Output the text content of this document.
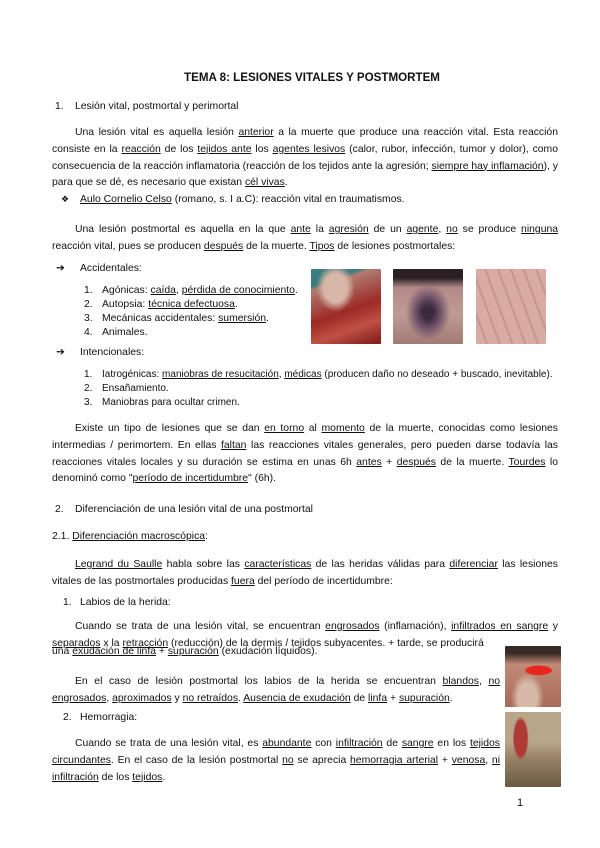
TEMA 8: LESIONES VITALES Y POSTMORTEM
1. Lesión vital, postmortal y perimortal
Una lesión vital es aquella lesión anterior a la muerte que produce una reacción vital. Esta reacción consiste en la reacción de los tejidos ante los agentes lesivos (calor, rubor, infección, tumor y dolor), como consecuencia de la reacción inflamatoria (reacción de los tejidos ante la agresión; siempre hay inflamación), y para que se dé, es necesario que existan cél vivas.
❖ Aulo Cornelio Celso (romano, s. I a.C): reacción vital en traumatismos.
Una lesión postmortal es aquella en la que ante la agresión de un agente, no se produce ninguna reacción vital, pues se producen después de la muerte. Tipos de lesiones postmortales:
➔ Accidentales:
1. Agónicas: caída, pérdida de conocimiento.
2. Autopsia: técnica defectuosa.
3. Mecánicas accidentales: sumersión.
4. Animales.
➔ Intencionales:
1. Iatrogénicas: maniobras de resucitación, médicas (producen daño no deseado + buscado, inevitable).
2. Ensañamiento.
3. Maniobras para ocultar crimen.
Existe un tipo de lesiones que se dan en torno al momento de la muerte, conocidas como lesiones intermedias / perimortem. En ellas faltan las reacciones vitales generales, pero pueden darse todavía las reacciones vitales locales y su duración se estima en unas 6h antes + después de la muerte. Tourdes lo denominó como "período de incertidumbre" (6h).
2. Diferenciación de una lesión vital de una postmortal
2.1. Diferenciación macroscópica:
Legrand du Saulle habla sobre las características de las heridas válidas para diferenciar las lesiones vitales de las postmortales producidas fuera del período de incertidumbre:
1. Labios de la herida:
Cuando se trata de una lesión vital, se encuentran engrosados (inflamación), infiltrados en sangre y separados x la retracción (reducción) de la dermis / tejidos subyacentes. + tarde, se producirá
una exudación de linfa + supuración (exudación líquidos).
En el caso de lesión postmortal los labios de la herida se encuentran blandos, no engrosados, aproximados y no retraídos. Ausencia de exudación de linfa + supuración.
2. Hemorragia:
Cuando se trata de una lesión vital, es abundante con infiltración de sangre en los tejidos circundantes. En el caso de la lesión postmortal no se aprecia hemorragia arterial + venosa, ni infiltración de los tejidos.
1
